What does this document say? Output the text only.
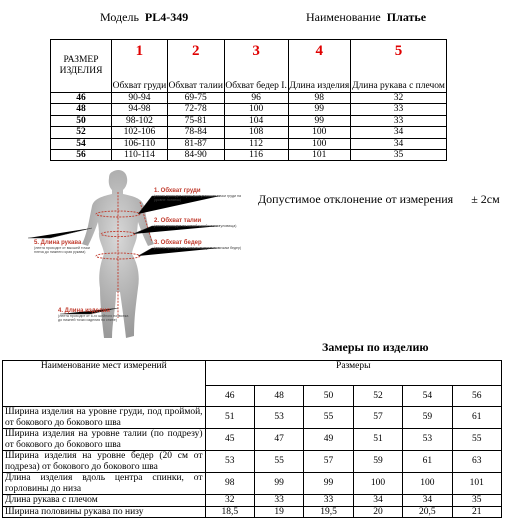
Модель PL4-349	Наименование Платье
РАЗМЕР ИЗДЕЛИЯ	1	2	3	4	5
	Обхват груди	Обхват талии	Обхват бедер I.	Длина изделия	Длина рукава с плечом
46	90-94	69-75	96	98	32
48	94-98	72-78	100	99	33
50	98-102	75-81	104	99	33
52	102-106	78-84	108	100	34
54	106-110	81-87	112	100	34
56	110-114	84-90	116	101	35
1. Обхват груди
(лента проходит через выступающие точки груди на уровне лопаток)
2. Обхват талии
(лента проходит по самой узкой части туловища)
3. Обхват бедер
(лента проходит по самым выпуклым точкам бедер)
5. Длина рукава
(лента проходит от высшей точки плеча до нижнего края рукава)
4. Длина изделия
(лента проходит от 6-го шейного позвонка до нижней точки изделия по спине)
Допустимое отклонение от измерения ± 2см
Замеры по изделию
Наименование мест измерений	Размеры					
	46	48	50	52	54	56
Ширина изделия на уровне груди, под проймой, от бокового до бокового шва	51	53	55	57	59	61
Ширина изделия на уровне талии (по подрезу) от бокового до бокового шва	45	47	49	51	53	55
Ширина изделия на уровне бедер (20 см от подреза) от бокового до бокового шва	53	55	57	59	61	63
Длина изделия вдоль центра спинки, от горловины до низа	98	99	99	100	100	101
Длина рукава с плечом	32	33	33	34	34	35
Ширина половины рукава по низу	18,5	19	19,5	20	20,5	21
